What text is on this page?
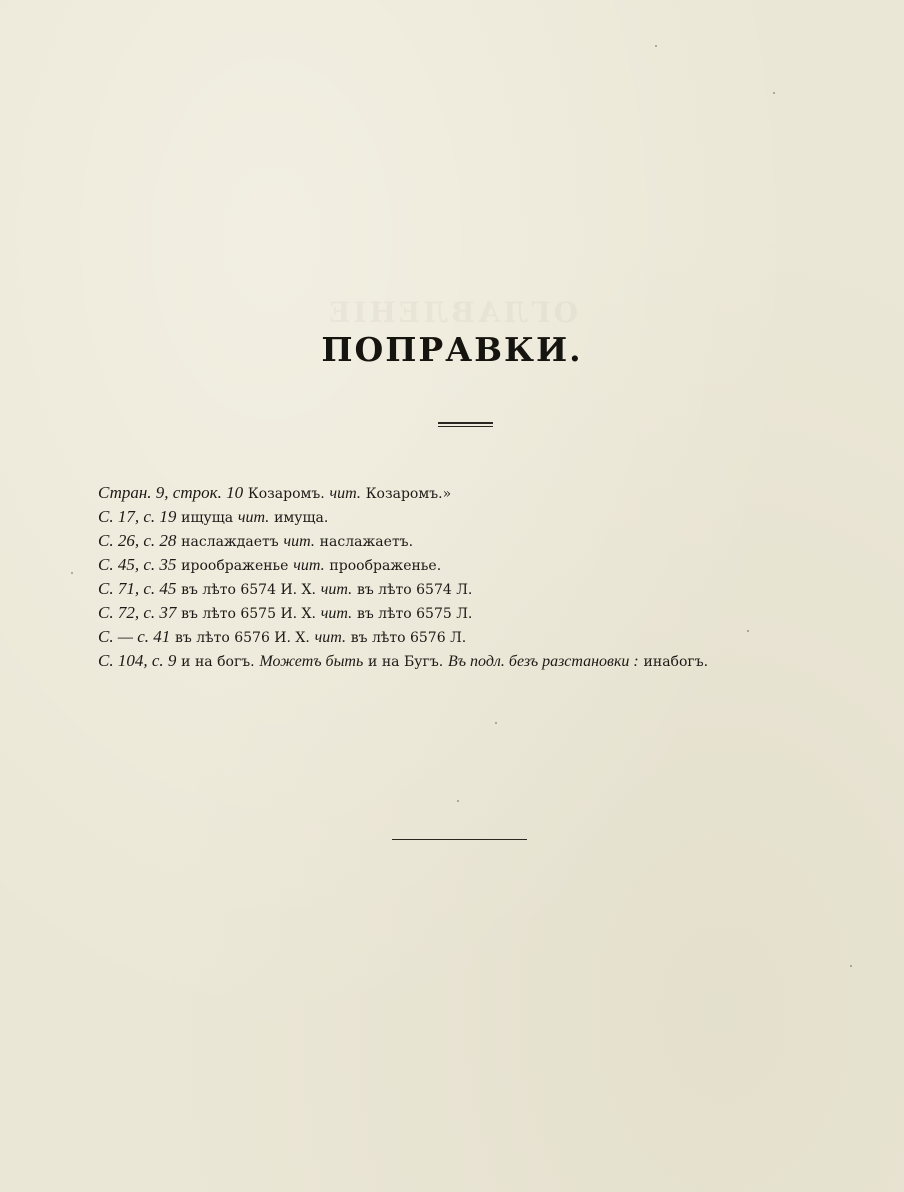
ОГЛАВЛЕНІЕ
ПОПРАВКИ.
Стран. 9, строк. 10 Козаромъ. чит. Козаромъ.»
С. 17, с. 19 ищуща чит. имуща.
С. 26, с. 28 наслаждаетъ чит. наслажаетъ.
С. 45, с. 35 ироображенье чит. проображенье.
С. 71, с. 45 въ лѣто 6574 И. Х. чит. въ лѣто 6574 Л.
С. 72, с. 37 въ лѣто 6575 И. Х. чит. въ лѣто 6575 Л.
С. — с. 41 въ лѣто 6576 И. Х. чит. въ лѣто 6576 Л.
С. 104, с. 9 и на богъ. Можетъ быть и на Бугъ. Въ подл. безъ разстановки : инабогъ.
